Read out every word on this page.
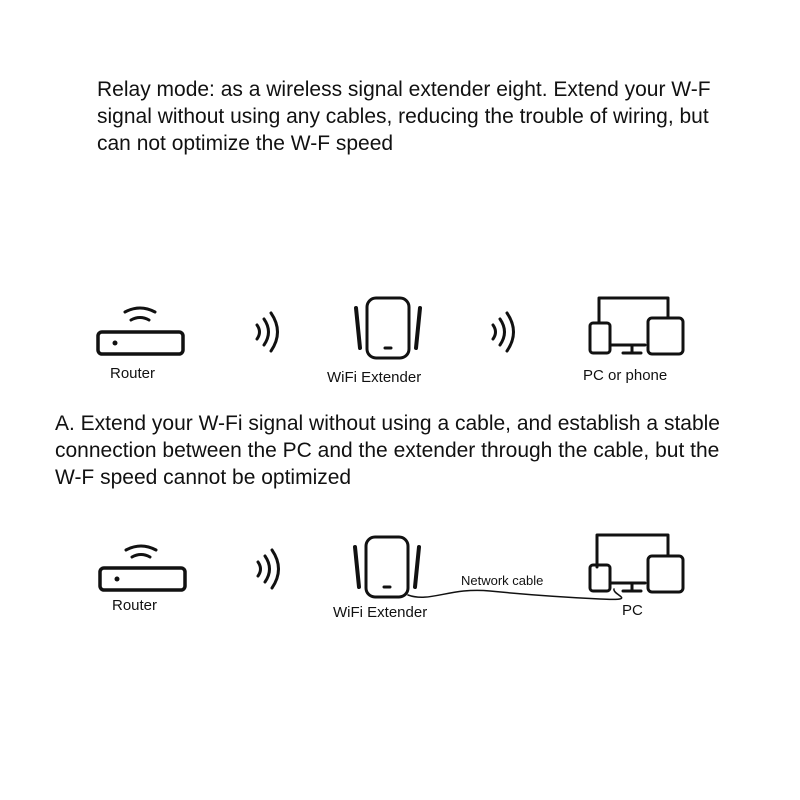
Relay mode: as a wireless signal extender eight. Extend your W-F signal without using any cables, reducing the trouble of wiring, but can not optimize the W-F speed

Router	WiFi Extender	PC or phone

A. Extend your W-Fi signal without using a cable, and establish a stable connection between the PC and the extender through the cable, but the W-F speed cannot be optimized

Router	WiFi Extender
Network cable
PC
